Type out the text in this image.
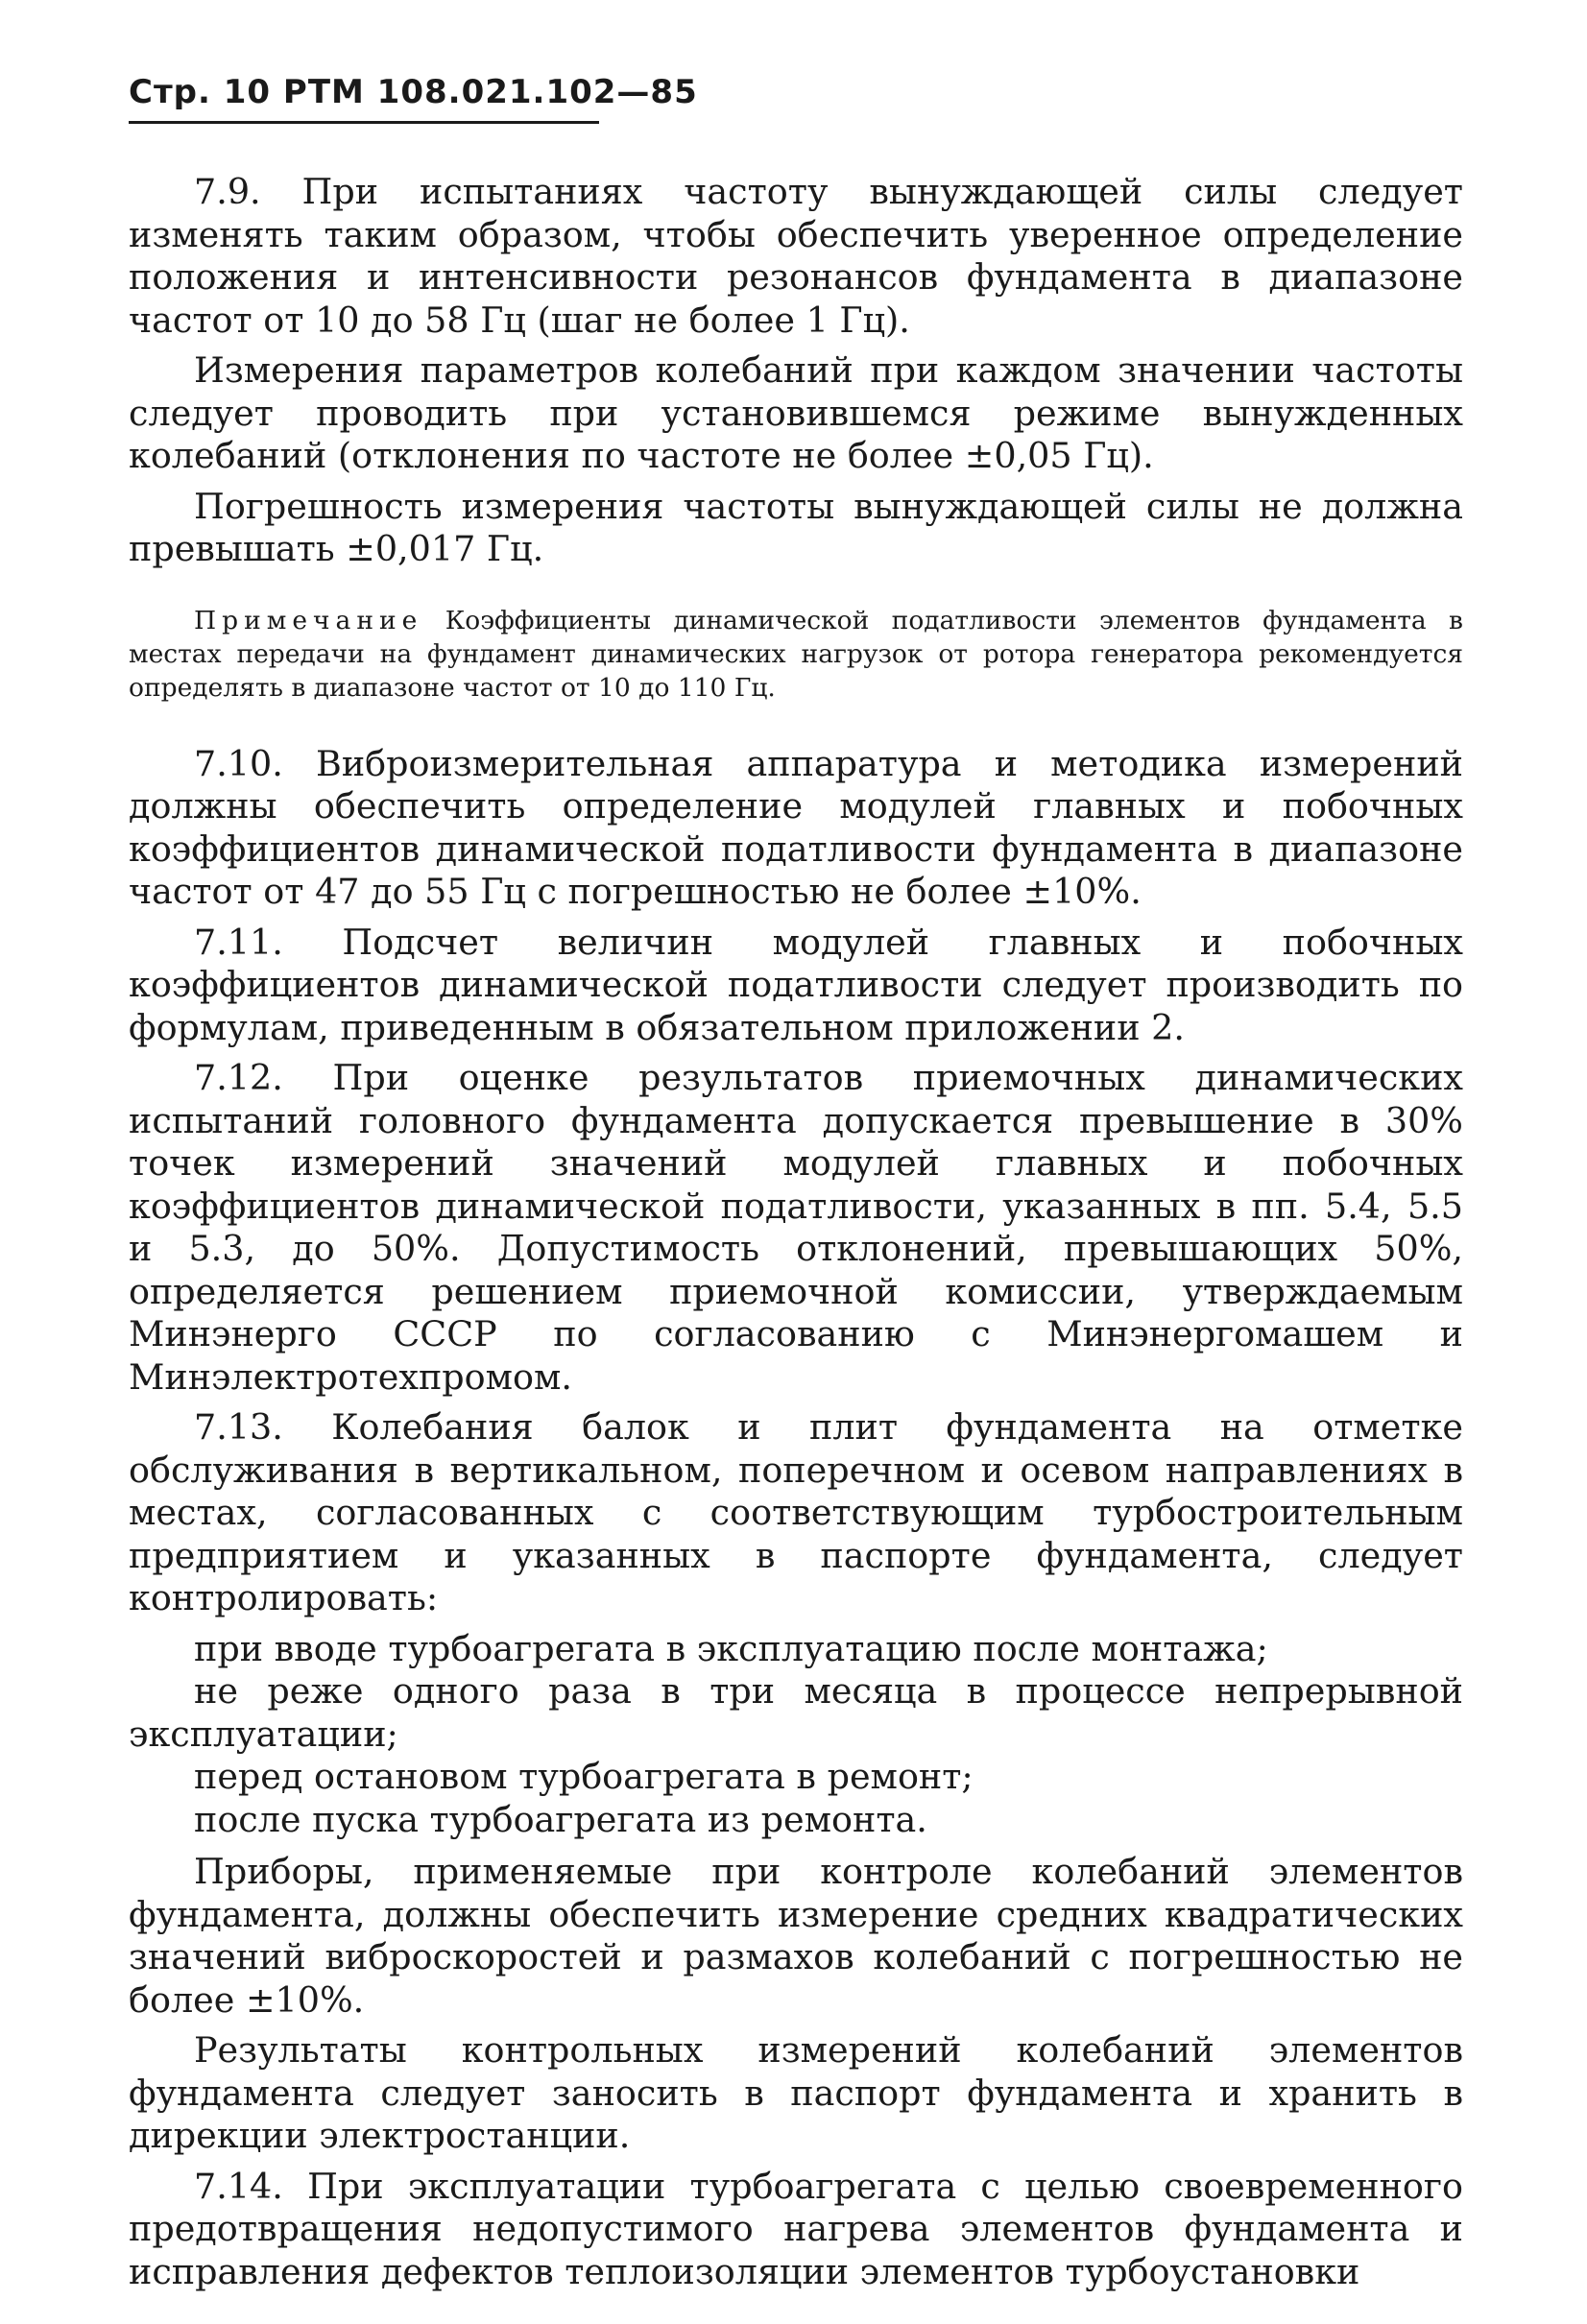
Стр. 10 РТМ 108.021.102—85

7.9. При испытаниях частоту вынуждающей силы следует изменять таким образом, чтобы обеспечить уверенное определение положения и интенсивности резонансов фундамента в диапазоне частот от 10 до 58 Гц (шаг не более 1 Гц).

Измерения параметров колебаний при каждом значении частоты следует проводить при установившемся режиме вынужденных колебаний (отклонения по частоте не более ±0,05 Гц).

Погрешность измерения частоты вынуждающей силы не должна превышать ±0,017 Гц.

Примечание Коэффициенты динамической податливости элементов фундамента в местах передачи на фундамент динамических нагрузок от ротора генератора рекомендуется определять в диапазоне частот от 10 до 110 Гц.

7.10. Виброизмерительная аппаратура и методика измерений должны обеспечить определение модулей главных и побочных коэффициентов динамической податливости фундамента в диапазоне частот от 47 до 55 Гц с погрешностью не более ±10%.

7.11. Подсчет величин модулей главных и побочных коэффициентов динамической податливости следует производить по формулам, приведенным в обязательном приложении 2.

7.12. При оценке результатов приемочных динамических испытаний головного фундамента допускается превышение в 30% точек измерений значений модулей главных и побочных коэффициентов динамической податливости, указанных в пп. 5.4, 5.5 и 5.3, до 50%. Допустимость отклонений, превышающих 50%, определяется решением приемочной комиссии, утверждаемым Минэнерго СССР по согласованию с Минэнергомашем и Минэлектротехпромом.

7.13. Колебания балок и плит фундамента на отметке обслуживания в вертикальном, поперечном и осевом направлениях в местах, согласованных с соответствующим турбостроительным предприятием и указанных в паспорте фундамента, следует контролировать:

при вводе турбоагрегата в эксплуатацию после монтажа;

не реже одного раза в три месяца в процессе непрерывной эксплуатации;

перед остановом турбоагрегата в ремонт;

после пуска турбоагрегата из ремонта.

Приборы, применяемые при контроле колебаний элементов фундамента, должны обеспечить измерение средних квадратических значений виброскоростей и размахов колебаний с погрешностью не более ±10%.

Результаты контрольных измерений колебаний элементов фундамента следует заносить в паспорт фундамента и хранить в дирекции электростанции.

7.14. При эксплуатации турбоагрегата с целью своевременного предотвращения недопустимого нагрева элементов фундамента и исправления дефектов теплоизоляции элементов турбоустановки
